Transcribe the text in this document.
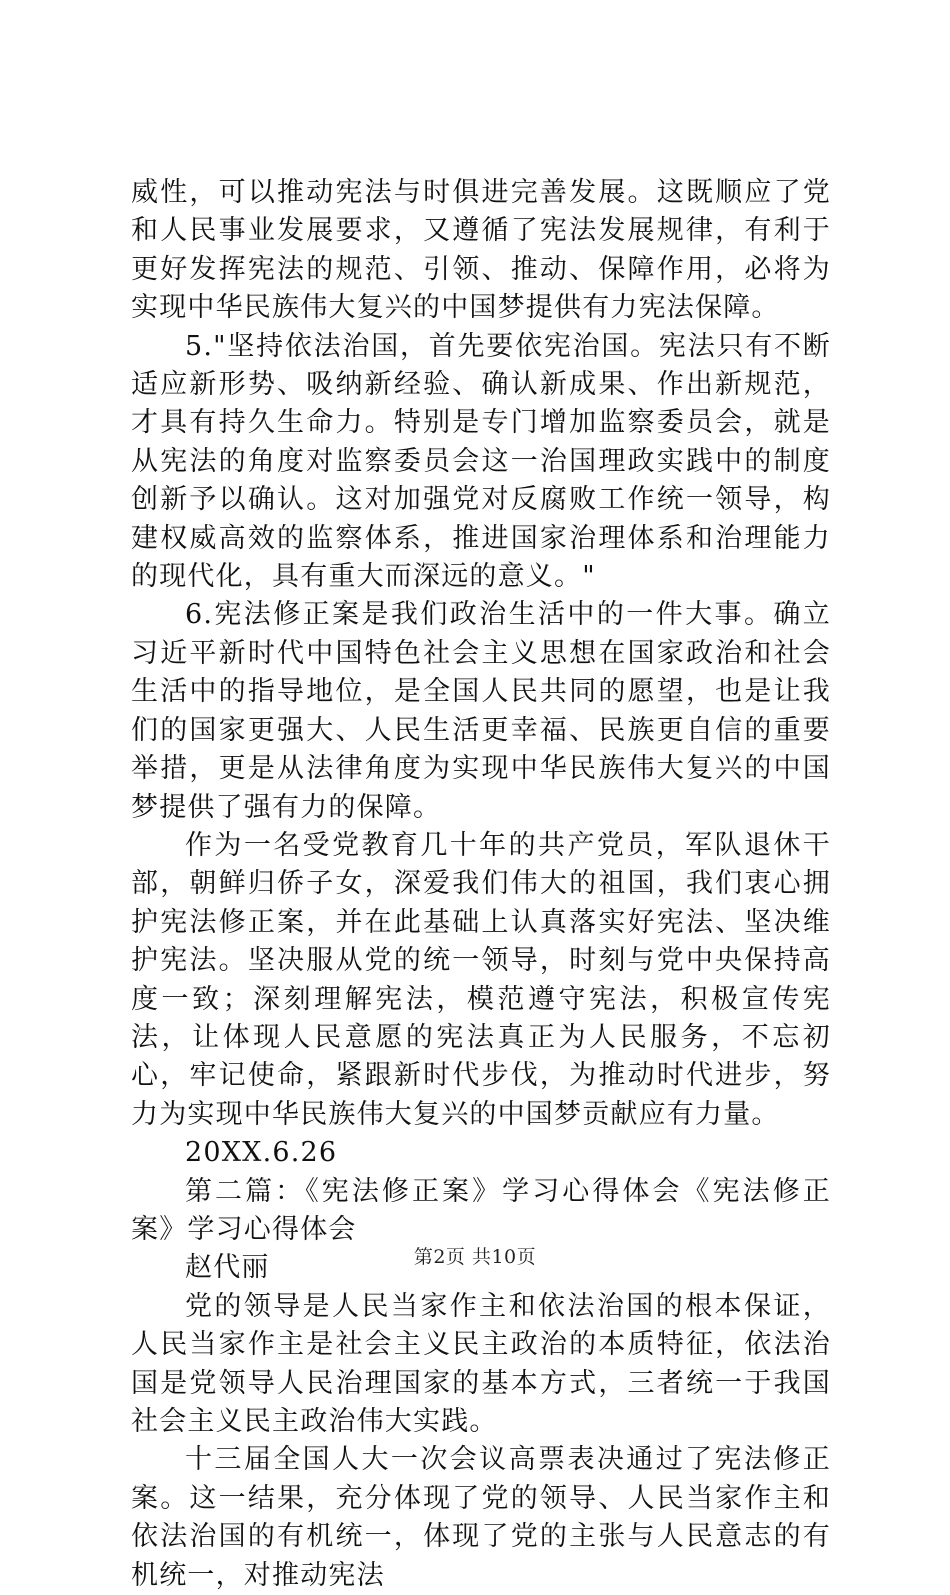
威性，可以推动宪法与时俱进完善发展。这既顺应了党和人民事业发展要求，又遵循了宪法发展规律，有利于更好发挥宪法的规范、引领、推动、保障作用，必将为实现中华民族伟大复兴的中国梦提供有力宪法保障。

5."坚持依法治国，首先要依宪治国。宪法只有不断适应新形势、吸纳新经验、确认新成果、作出新规范，才具有持久生命力。特别是专门增加监察委员会，就是从宪法的角度对监察委员会这一治国理政实践中的制度创新予以确认。这对加强党对反腐败工作统一领导，构建权威高效的监察体系，推进国家治理体系和治理能力的现代化，具有重大而深远的意义。"

6.宪法修正案是我们政治生活中的一件大事。确立习近平新时代中国特色社会主义思想在国家政治和社会生活中的指导地位，是全国人民共同的愿望，也是让我们的国家更强大、人民生活更幸福、民族更自信的重要举措，更是从法律角度为实现中华民族伟大复兴的中国梦提供了强有力的保障。

作为一名受党教育几十年的共产党员，军队退休干部，朝鲜归侨子女，深爱我们伟大的祖国，我们衷心拥护宪法修正案，并在此基础上认真落实好宪法、坚决维护宪法。坚决服从党的统一领导，时刻与党中央保持高度一致；深刻理解宪法，模范遵守宪法，积极宣传宪法，让体现人民意愿的宪法真正为人民服务，不忘初心，牢记使命，紧跟新时代步伐，为推动时代进步，努力为实现中华民族伟大复兴的中国梦贡献应有力量。

20XX.6.26

第二篇：《宪法修正案》学习心得体会《宪法修正案》学习心得体会

赵代丽

党的领导是人民当家作主和依法治国的根本保证，人民当家作主是社会主义民主政治的本质特征，依法治国是党领导人民治理国家的基本方式，三者统一于我国社会主义民主政治伟大实践。

十三届全国人大一次会议高票表决通过了宪法修正案。这一结果，充分体现了党的领导、人民当家作主和依法治国的有机统一，体现了党的主张与人民意志的有机统一，对推动宪法

第2页 共10页
